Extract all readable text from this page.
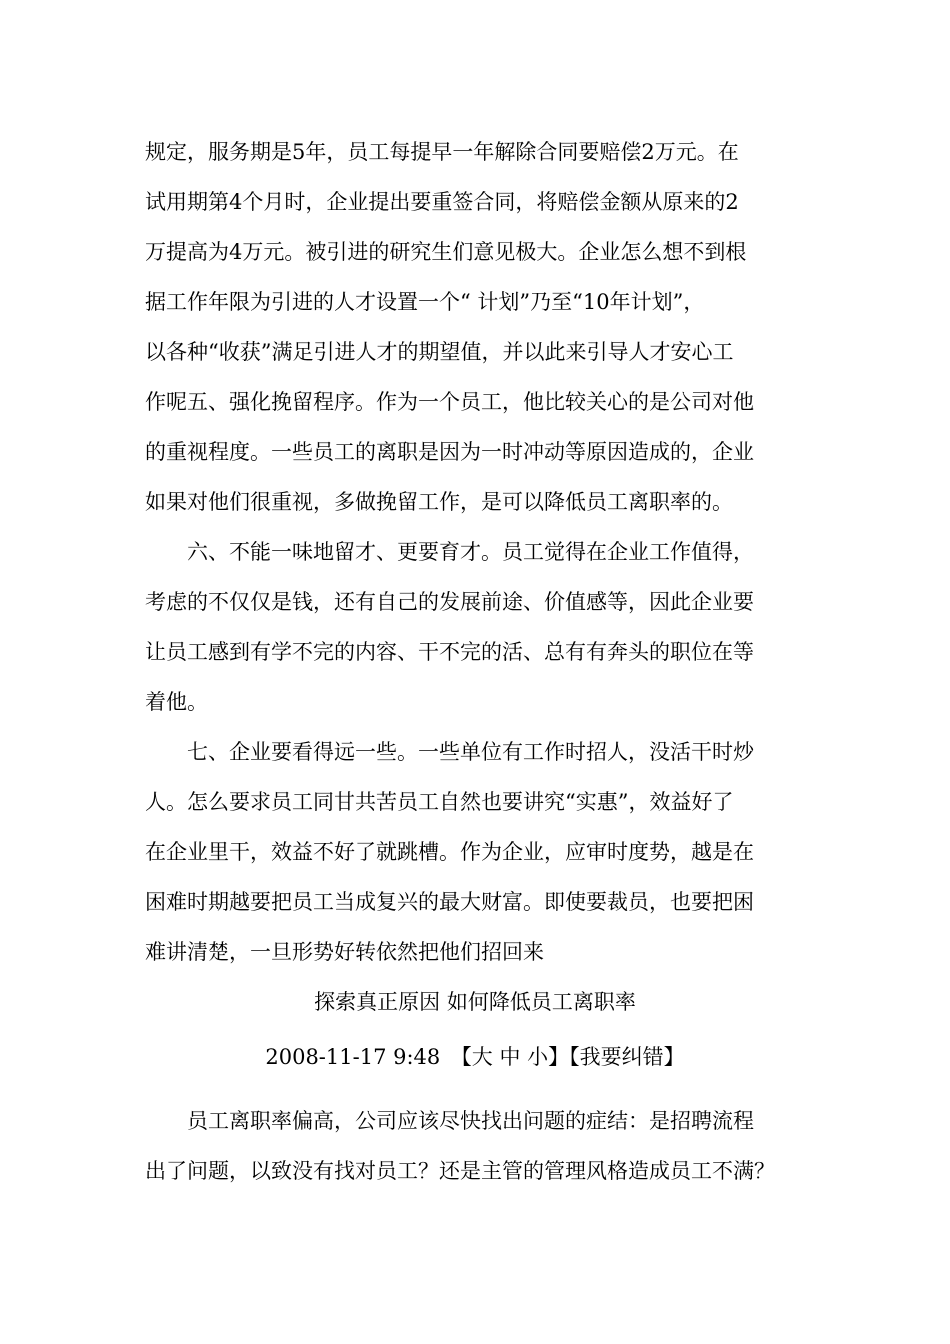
规定，服务期是5年，员工每提早一年解除合同要赔偿2万元。在
试用期第4个月时，企业提出要重签合同，将赔偿金额从原来的2
万提高为4万元。被引进的研究生们意见极大。企业怎么想不到根
据工作年限为引进的人才设置一个“ 计划”乃至“10年计划”，
以各种“收获”满足引进人才的期望值，并以此来引导人才安心工
作呢五、强化挽留程序。作为一个员工，他比较关心的是公司对他
的重视程度。一些员工的离职是因为一时冲动等原因造成的，企业
如果对他们很重视，多做挽留工作，是可以降低员工离职率的。
　　六、不能一味地留才、更要育才。员工觉得在企业工作值得，
考虑的不仅仅是钱，还有自己的发展前途、价值感等，因此企业要
让员工感到有学不完的内容、干不完的活、总有有奔头的职位在等
着他。
　　七、企业要看得远一些。一些单位有工作时招人，没活干时炒
人。怎么要求员工同甘共苦员工自然也要讲究“实惠”，效益好了
在企业里干，效益不好了就跳槽。作为企业，应审时度势，越是在
困难时期越要把员工当成复兴的最大财富。即使要裁员，也要把困
难讲清楚，一旦形势好转依然把他们招回来
探索真正原因 如何降低员工离职率
2008-11-17 9:48　【大 中 小】【我要纠错】
　　员工离职率偏高，公司应该尽快找出问题的症结：是招聘流程
出了问题，以致没有找对员工？还是主管的管理风格造成员工不满？
